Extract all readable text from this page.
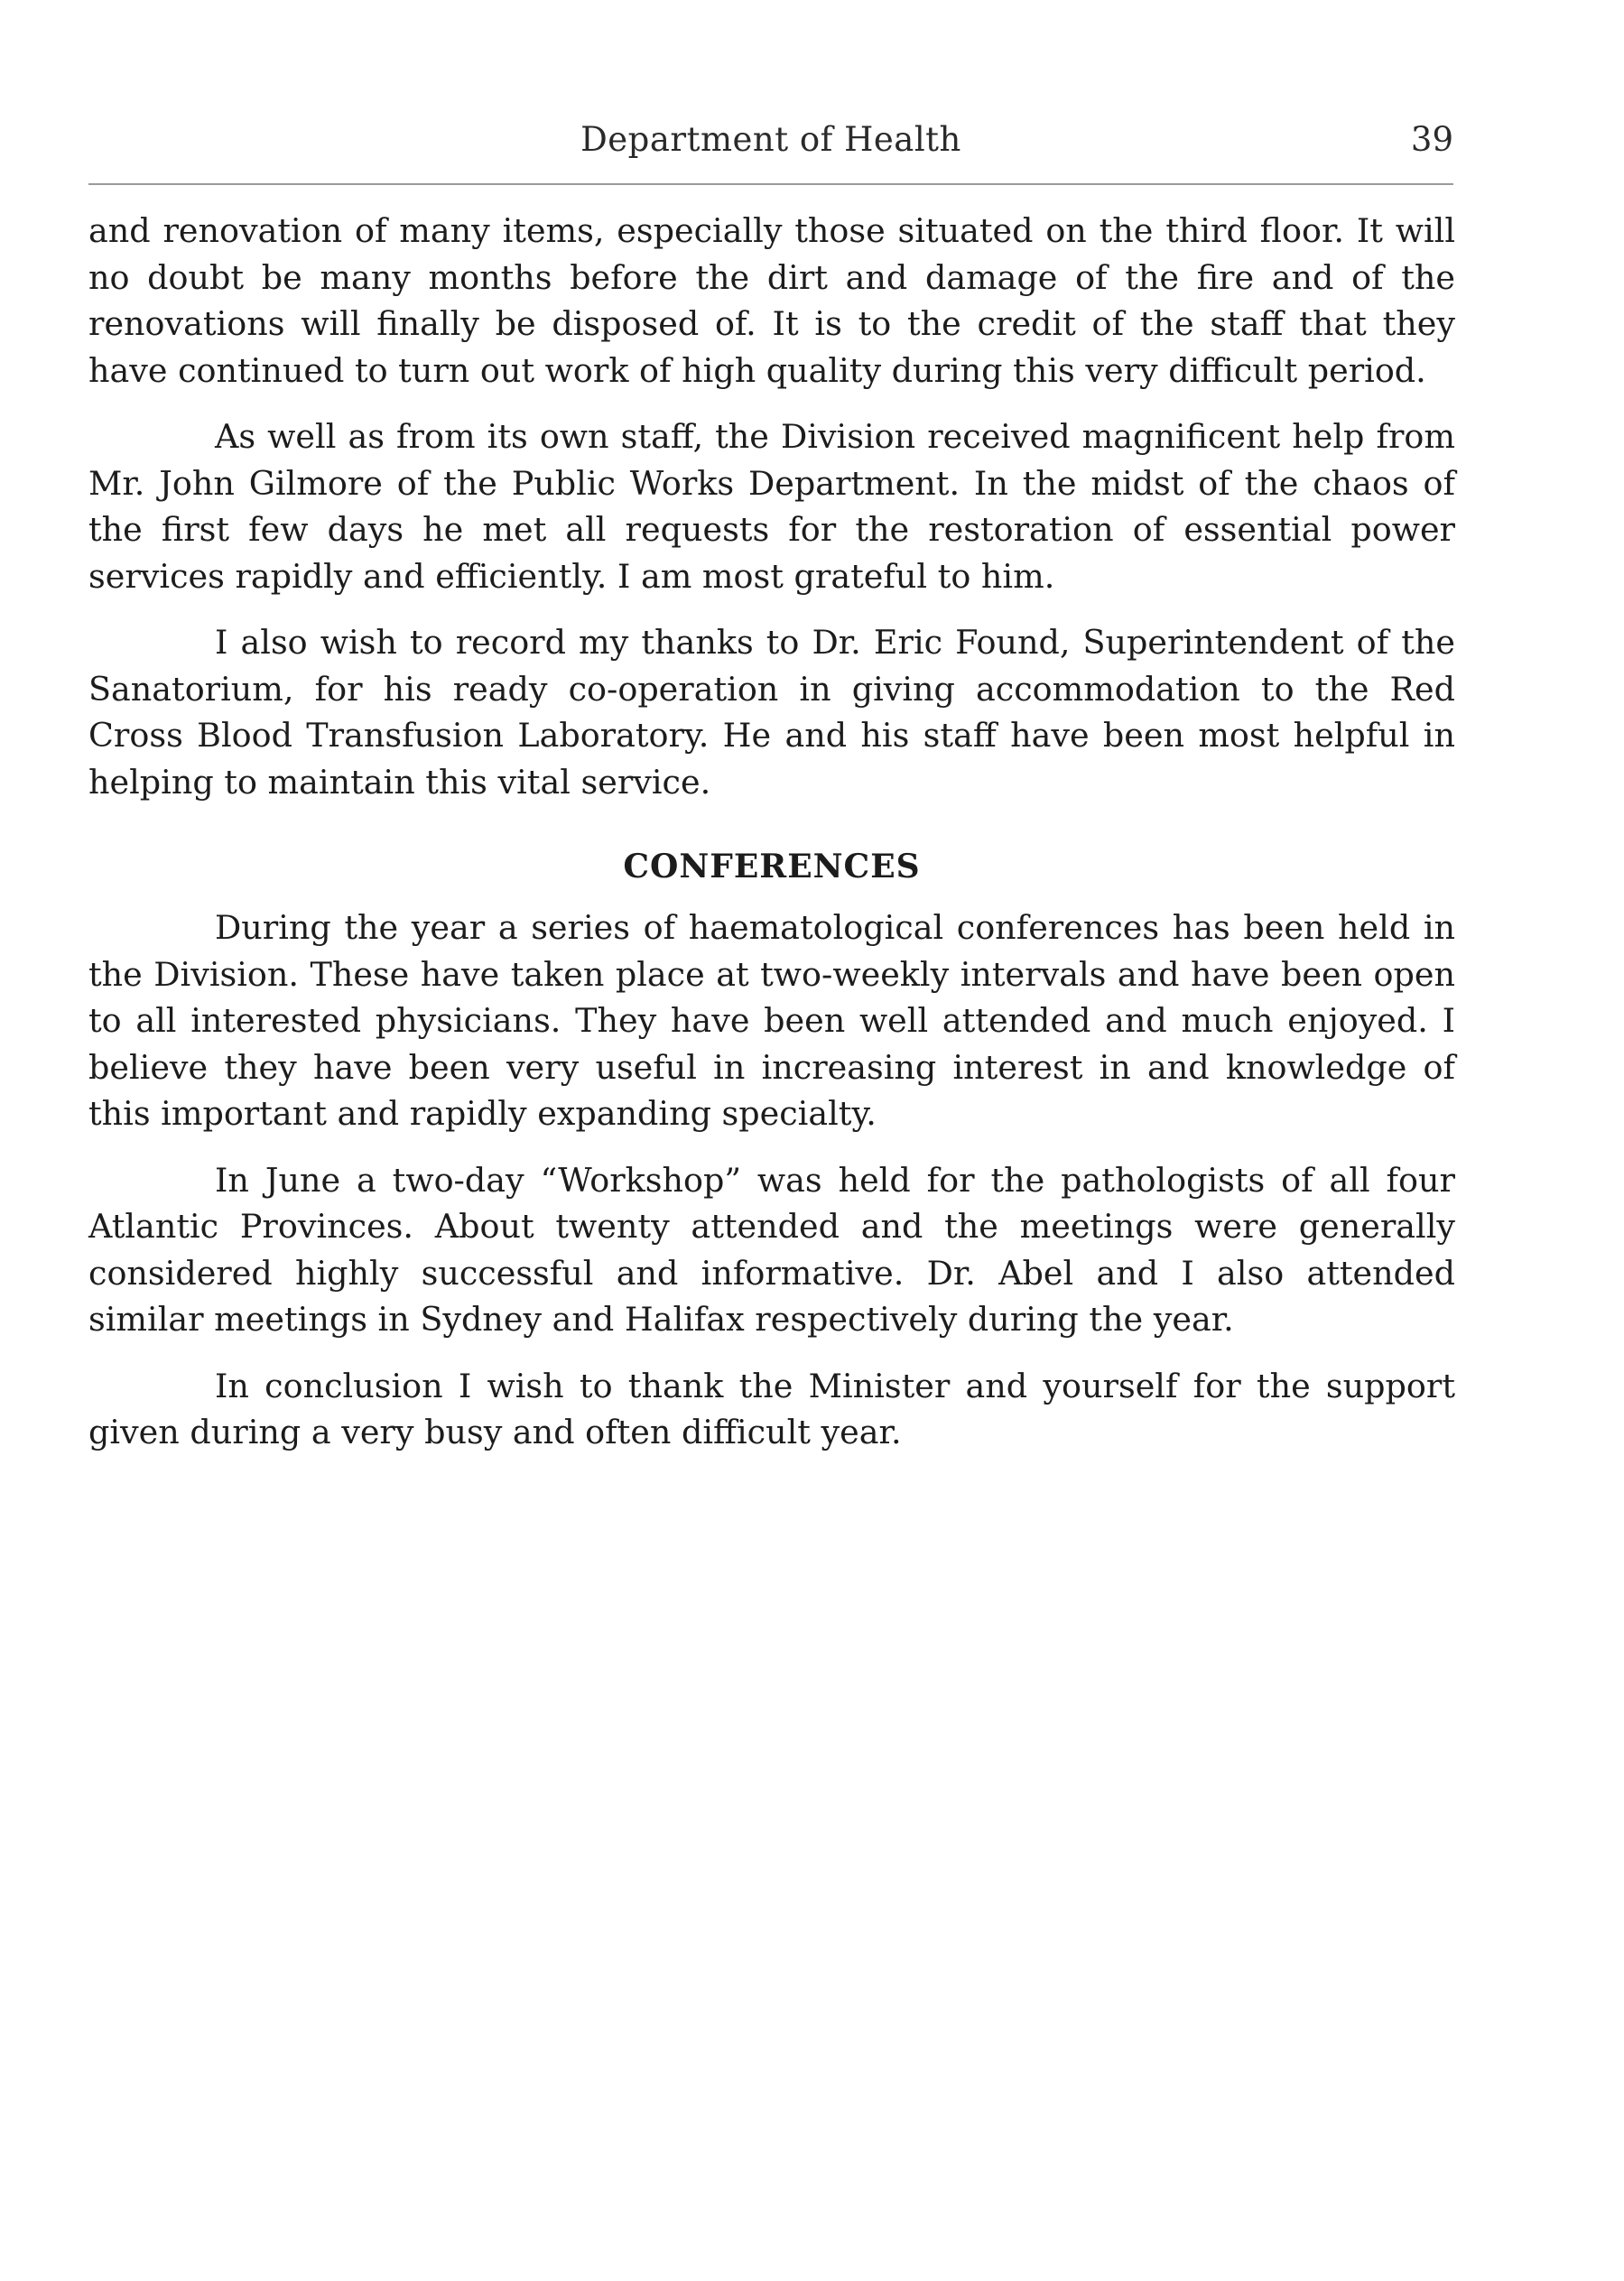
Department of Health	39

and renovation of many items, especially those situated on the third floor. It will no doubt be many months before the dirt and damage of the fire and of the renovations will finally be disposed of. It is to the credit of the staff that they have continued to turn out work of high quality during this very difficult period.

As well as from its own staff, the Division received magnificent help from Mr. John Gilmore of the Public Works Department. In the midst of the chaos of the first few days he met all requests for the restoration of essential power services rapidly and efficiently. I am most grateful to him.

I also wish to record my thanks to Dr. Eric Found, Superintendent of the Sanatorium, for his ready co-operation in giving accommodation to the Red Cross Blood Transfusion Laboratory. He and his staff have been most helpful in helping to maintain this vital service.

CONFERENCES

During the year a series of haematological conferences has been held in the Division. These have taken place at two-weekly intervals and have been open to all interested physicians. They have been well attended and much enjoyed. I believe they have been very useful in increasing interest in and knowledge of this important and rapidly expanding specialty.

In June a two-day “Workshop” was held for the pathologists of all four Atlantic Provinces. About twenty attended and the meetings were generally considered highly successful and informative. Dr. Abel and I also attended similar meetings in Sydney and Halifax respectively during the year.

In conclusion I wish to thank the Minister and yourself for the support given during a very busy and often difficult year.
